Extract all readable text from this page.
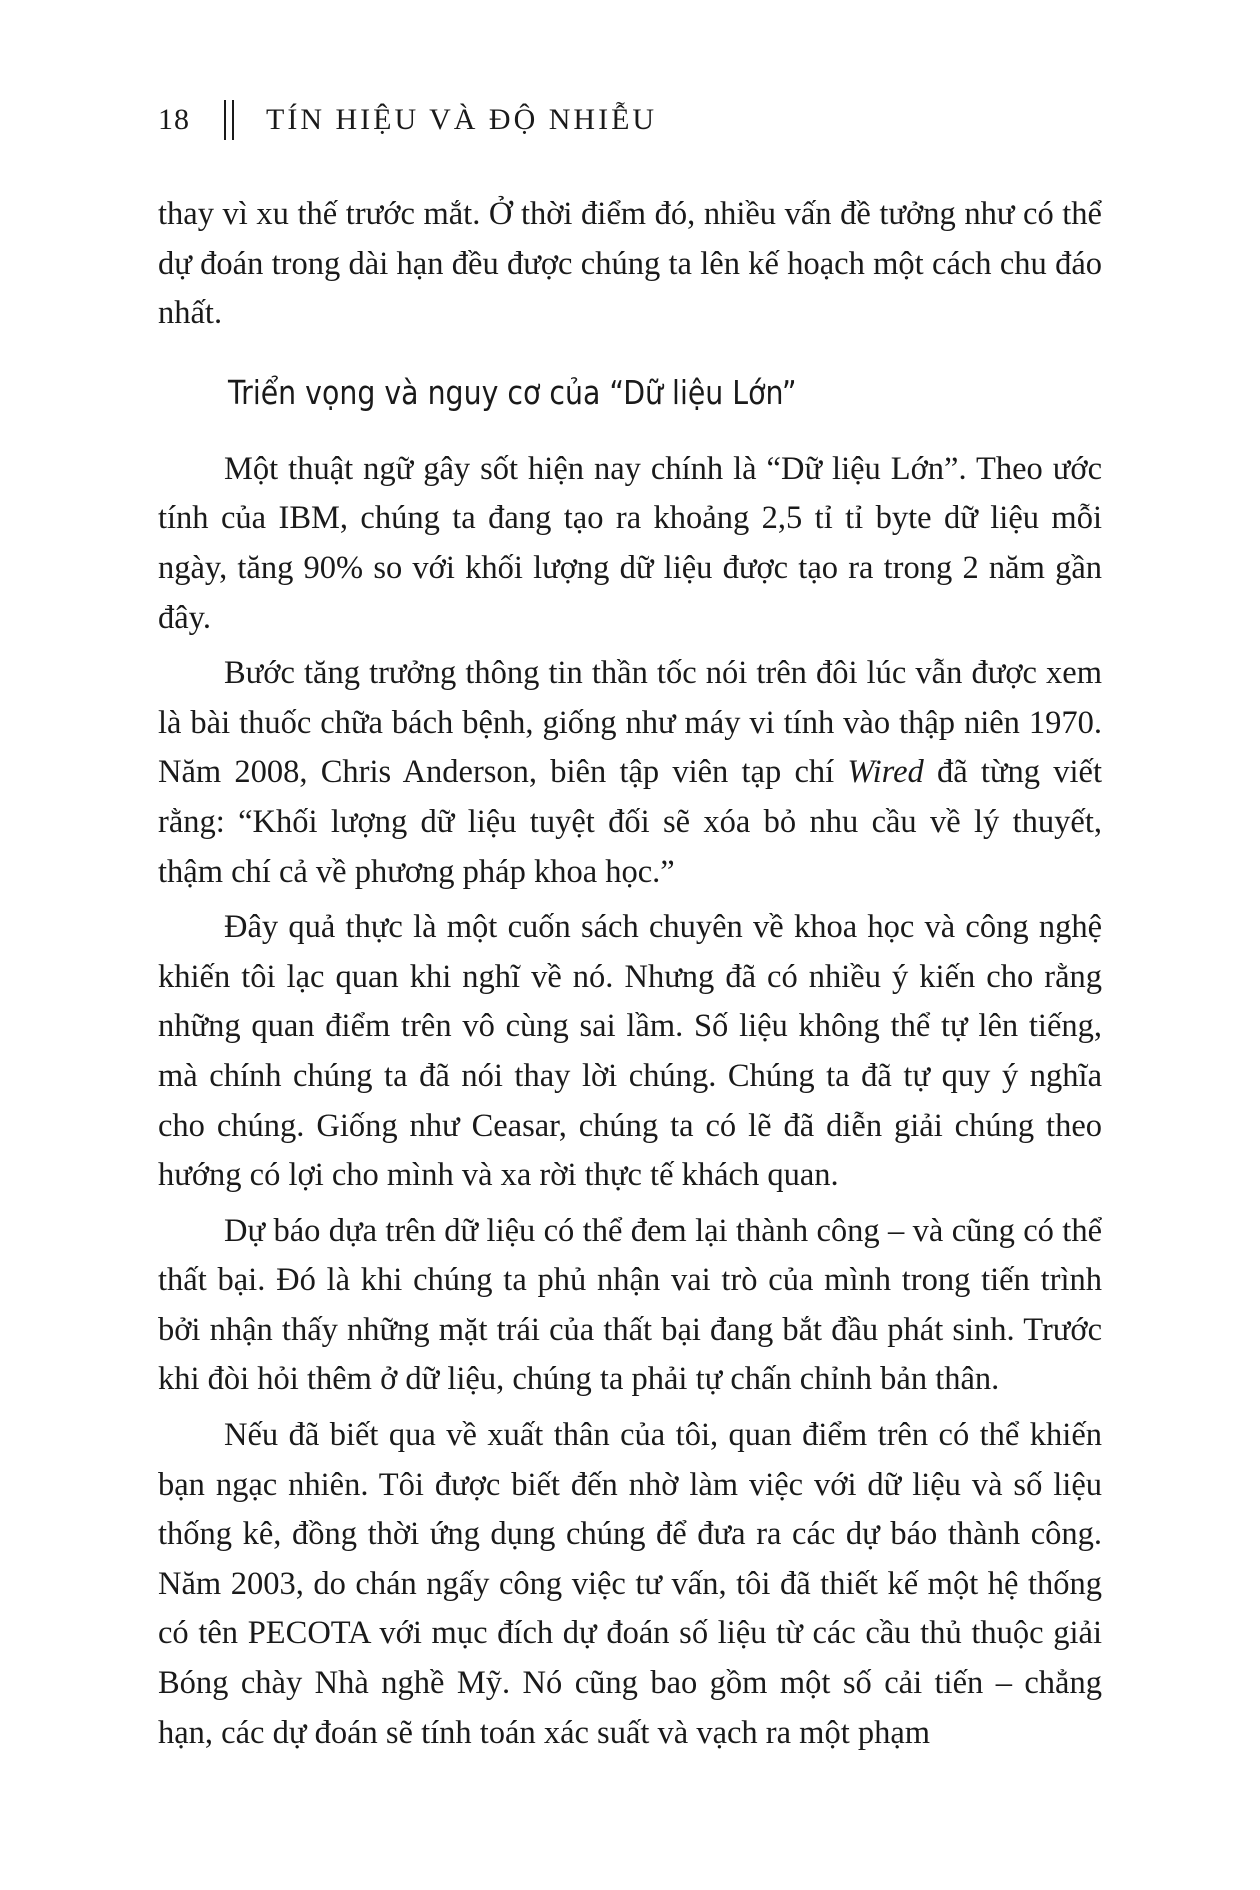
18	TÍN HIỆU VÀ ĐỘ NHIỄU

thay vì xu thế trước mắt. Ở thời điểm đó, nhiều vấn đề tưởng như có thể dự đoán trong dài hạn đều được chúng ta lên kế hoạch một cách chu đáo nhất.

Triển vọng và nguy cơ của “Dữ liệu Lớn”

Một thuật ngữ gây sốt hiện nay chính là “Dữ liệu Lớn”. Theo ước tính của IBM, chúng ta đang tạo ra khoảng 2,5 tỉ tỉ byte dữ liệu mỗi ngày, tăng 90% so với khối lượng dữ liệu được tạo ra trong 2 năm gần đây.

Bước tăng trưởng thông tin thần tốc nói trên đôi lúc vẫn được xem là bài thuốc chữa bách bệnh, giống như máy vi tính vào thập niên 1970. Năm 2008, Chris Anderson, biên tập viên tạp chí Wired đã từng viết rằng: “Khối lượng dữ liệu tuyệt đối sẽ xóa bỏ nhu cầu về lý thuyết, thậm chí cả về phương pháp khoa học.”

Đây quả thực là một cuốn sách chuyên về khoa học và công nghệ khiến tôi lạc quan khi nghĩ về nó. Nhưng đã có nhiều ý kiến cho rằng những quan điểm trên vô cùng sai lầm. Số liệu không thể tự lên tiếng, mà chính chúng ta đã nói thay lời chúng. Chúng ta đã tự quy ý nghĩa cho chúng. Giống như Ceasar, chúng ta có lẽ đã diễn giải chúng theo hướng có lợi cho mình và xa rời thực tế khách quan.

Dự báo dựa trên dữ liệu có thể đem lại thành công – và cũng có thể thất bại. Đó là khi chúng ta phủ nhận vai trò của mình trong tiến trình bởi nhận thấy những mặt trái của thất bại đang bắt đầu phát sinh. Trước khi đòi hỏi thêm ở dữ liệu, chúng ta phải tự chấn chỉnh bản thân.

Nếu đã biết qua về xuất thân của tôi, quan điểm trên có thể khiến bạn ngạc nhiên. Tôi được biết đến nhờ làm việc với dữ liệu và số liệu thống kê, đồng thời ứng dụng chúng để đưa ra các dự báo thành công. Năm 2003, do chán ngấy công việc tư vấn, tôi đã thiết kế một hệ thống có tên PECOTA với mục đích dự đoán số liệu từ các cầu thủ thuộc giải Bóng chày Nhà nghề Mỹ. Nó cũng bao gồm một số cải tiến – chẳng hạn, các dự đoán sẽ tính toán xác suất và vạch ra một phạm
